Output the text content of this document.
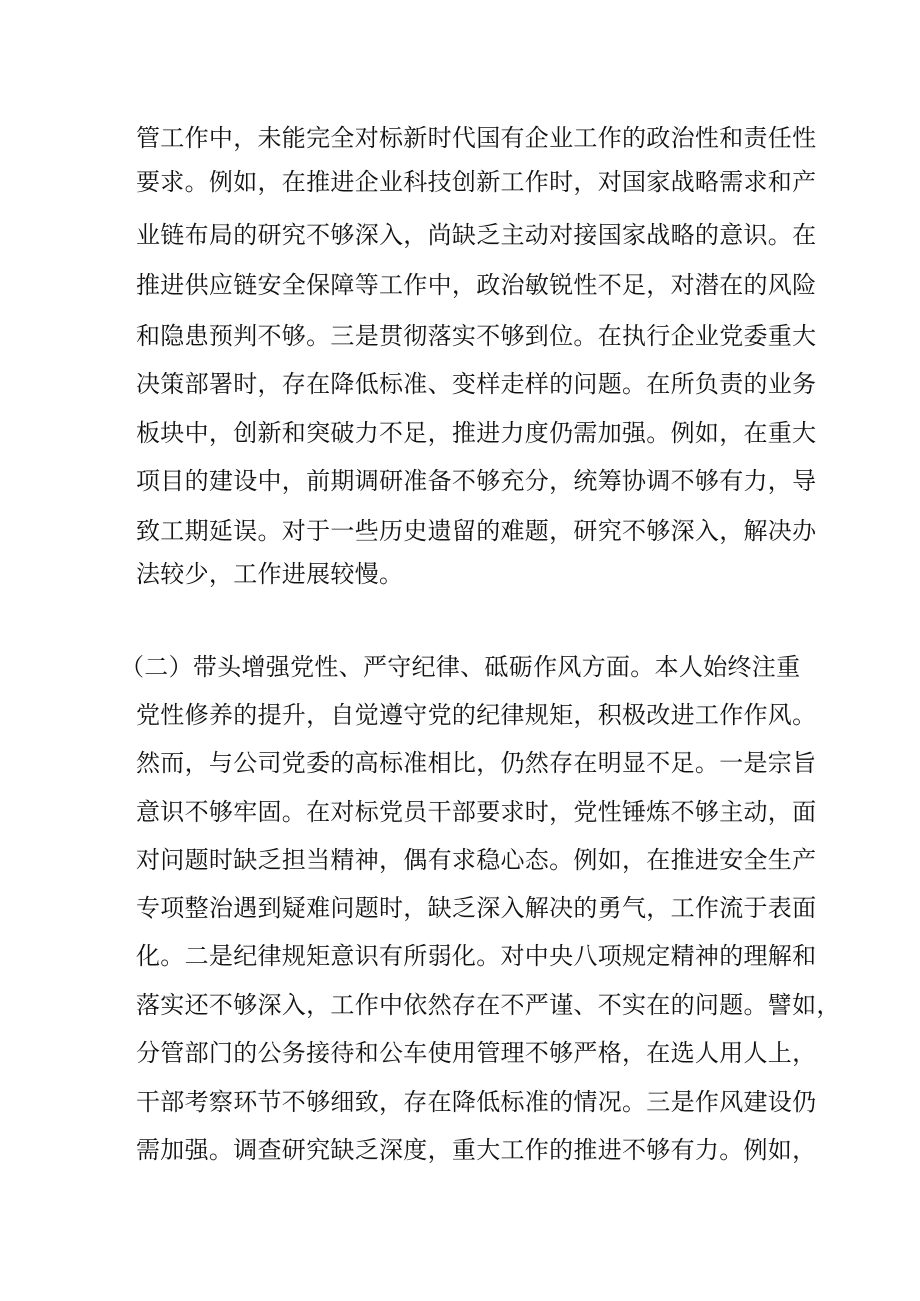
管工作中，未能完全对标新时代国有企业工作的政治性和责任性
要求。例如，在推进企业科技创新工作时，对国家战略需求和产
业链布局的研究不够深入，尚缺乏主动对接国家战略的意识。在
推进供应链安全保障等工作中，政治敏锐性不足，对潜在的风险
和隐患预判不够。三是贯彻落实不够到位。在执行企业党委重大
决策部署时，存在降低标准、变样走样的问题。在所负责的业务
板块中，创新和突破力不足，推进力度仍需加强。例如，在重大
项目的建设中，前期调研准备不够充分，统筹协调不够有力，导
致工期延误。对于一些历史遗留的难题，研究不够深入，解决办
法较少，工作进展较慢。
（二）带头增强党性、严守纪律、砥砺作风方面。本人始终注重
党性修养的提升，自觉遵守党的纪律规矩，积极改进工作作风。
然而，与公司党委的高标准相比，仍然存在明显不足。一是宗旨
意识不够牢固。在对标党员干部要求时，党性锤炼不够主动，面
对问题时缺乏担当精神，偶有求稳心态。例如，在推进安全生产
专项整治遇到疑难问题时，缺乏深入解决的勇气，工作流于表面
化。二是纪律规矩意识有所弱化。对中央八项规定精神的理解和
落实还不够深入，工作中依然存在不严谨、不实在的问题。譬如，
分管部门的公务接待和公车使用管理不够严格，在选人用人上，
干部考察环节不够细致，存在降低标准的情况。三是作风建设仍
需加强。调查研究缺乏深度，重大工作的推进不够有力。例如，
